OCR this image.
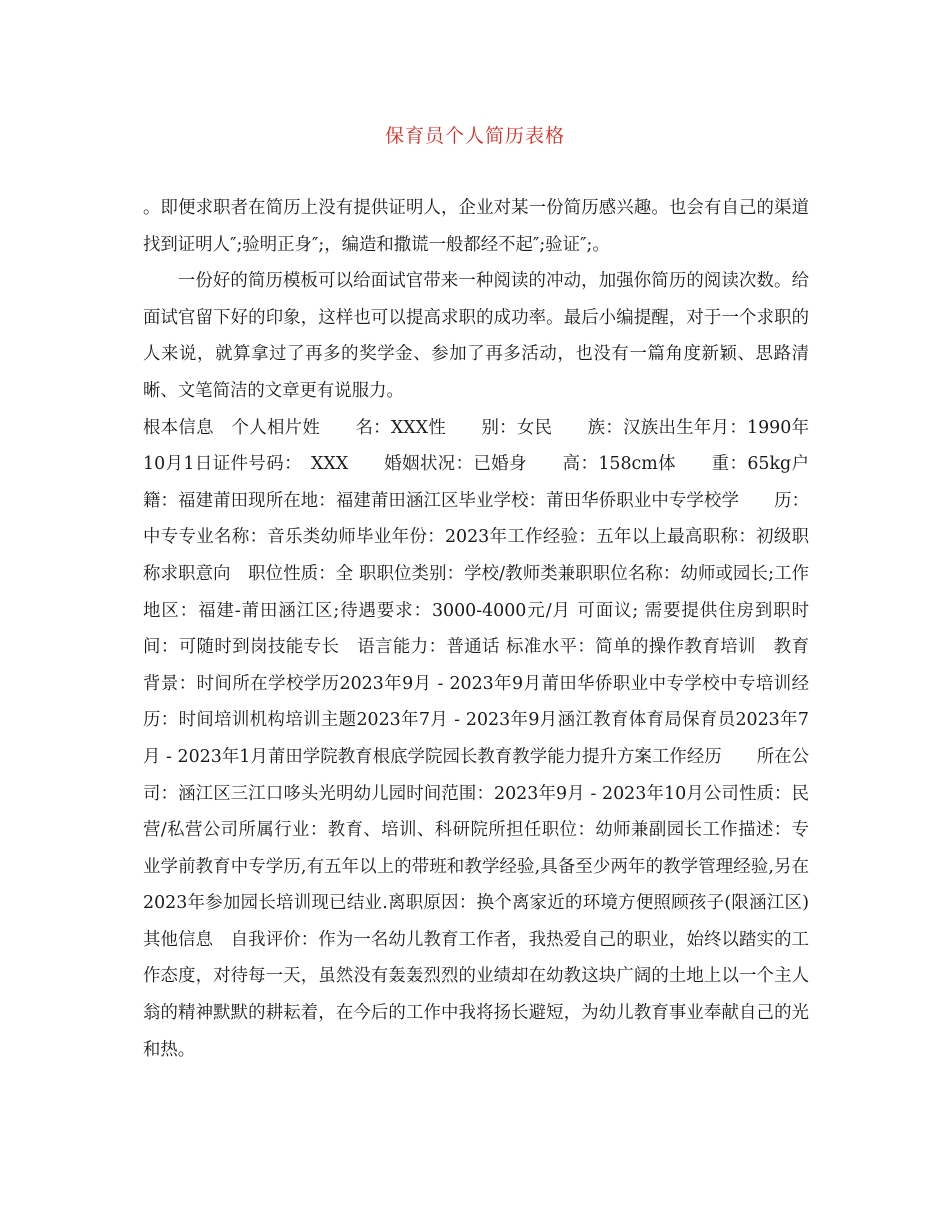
保育员个人简历表格

。即便求职者在简历上没有提供证明人，企业对某一份简历感兴趣。也会有自己的渠道找到证明人″;验明正身″;，编造和撒谎一般都经不起″;验证″;。

一份好的简历模板可以给面试官带来一种阅读的冲动，加强你简历的阅读次数。给面试官留下好的印象，这样也可以提高求职的成功率。最后小编提醒，对于一个求职的人来说，就算拿过了再多的奖学金、参加了再多活动，也没有一篇角度新颖、思路清晰、文笔简洁的文章更有说服力。

根本信息　个人相片姓　　名：XXX性　　别：女民　　族：汉族出生年月：1990年10月1日证件号码：　XXX　　婚姻状况：已婚身　　高：158cm体　　重：65kg户　　籍：福建莆田现所在地：福建莆田涵江区毕业学校：莆田华侨职业中专学校学　　历：中专专业名称：音乐类幼师毕业年份：2023年工作经验：五年以上最高职称：初级职称求职意向　职位性质：全 职职位类别：学校/教师类兼职职位名称：幼师或园长;工作地区：福建-莆田涵江区;待遇要求：3000-4000元/月 可面议; 需要提供住房到职时间：可随时到岗技能专长　语言能力：普通话 标准水平：简单的操作教育培训　教育背景：时间所在学校学历2023年9月 - 2023年9月莆田华侨职业中专学校中专培训经历：时间培训机构培训主题2023年7月 - 2023年9月涵江教育体育局保育员2023年7月 - 2023年1月莆田学院教育根底学院园长教育教学能力提升方案工作经历　　所在公司：涵江区三江口哆头光明幼儿园时间范围：2023年9月 - 2023年10月公司性质：民营/私营公司所属行业：教育、培训、科研院所担任职位：幼师兼副园长工作描述：专业学前教育中专学历,有五年以上的带班和教学经验,具备至少两年的教学管理经验,另在2023年参加园长培训现已结业.离职原因：换个离家近的环境方便照顾孩子(限涵江区)其他信息　自我评价：作为一名幼儿教育工作者，我热爱自己的职业，始终以踏实的工作态度，对待每一天，虽然没有轰轰烈烈的业绩却在幼教这块广阔的土地上以一个主人翁的精神默默的耕耘着，在今后的工作中我将扬长避短，为幼儿教育事业奉献自己的光和热。
